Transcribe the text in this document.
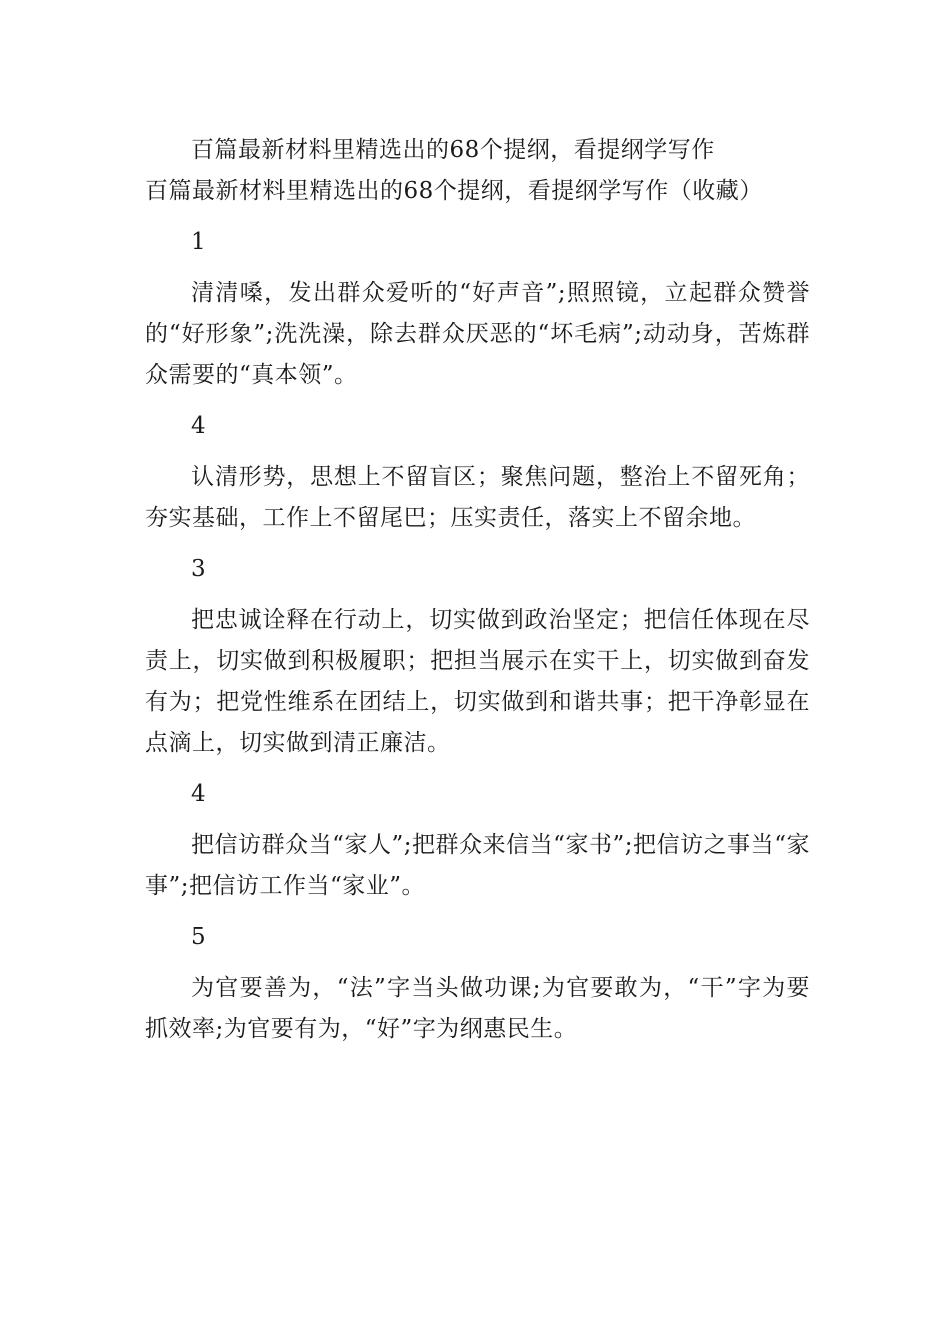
百篇最新材料里精选出的68个提纲，看提纲学写作

百篇最新材料里精选出的68个提纲，看提纲学写作（收藏）

1

清清嗓，发出群众爱听的“好声音”;照照镜，立起群众赞誉的“好形象”;洗洗澡，除去群众厌恶的“坏毛病”;动动身，苦炼群众需要的“真本领”。

4

认清形势，思想上不留盲区；聚焦问题，整治上不留死角；夯实基础，工作上不留尾巴；压实责任，落实上不留余地。

3

把忠诚诠释在行动上，切实做到政治坚定；把信任体现在尽责上，切实做到积极履职；把担当展示在实干上，切实做到奋发有为；把党性维系在团结上，切实做到和谐共事；把干净彰显在点滴上，切实做到清正廉洁。

4

把信访群众当“家人”;把群众来信当“家书”;把信访之事当“家事”;把信访工作当“家业”。

5

为官要善为，“法”字当头做功课;为官要敢为，“干”字为要抓效率;为官要有为，“好”字为纲惠民生。
